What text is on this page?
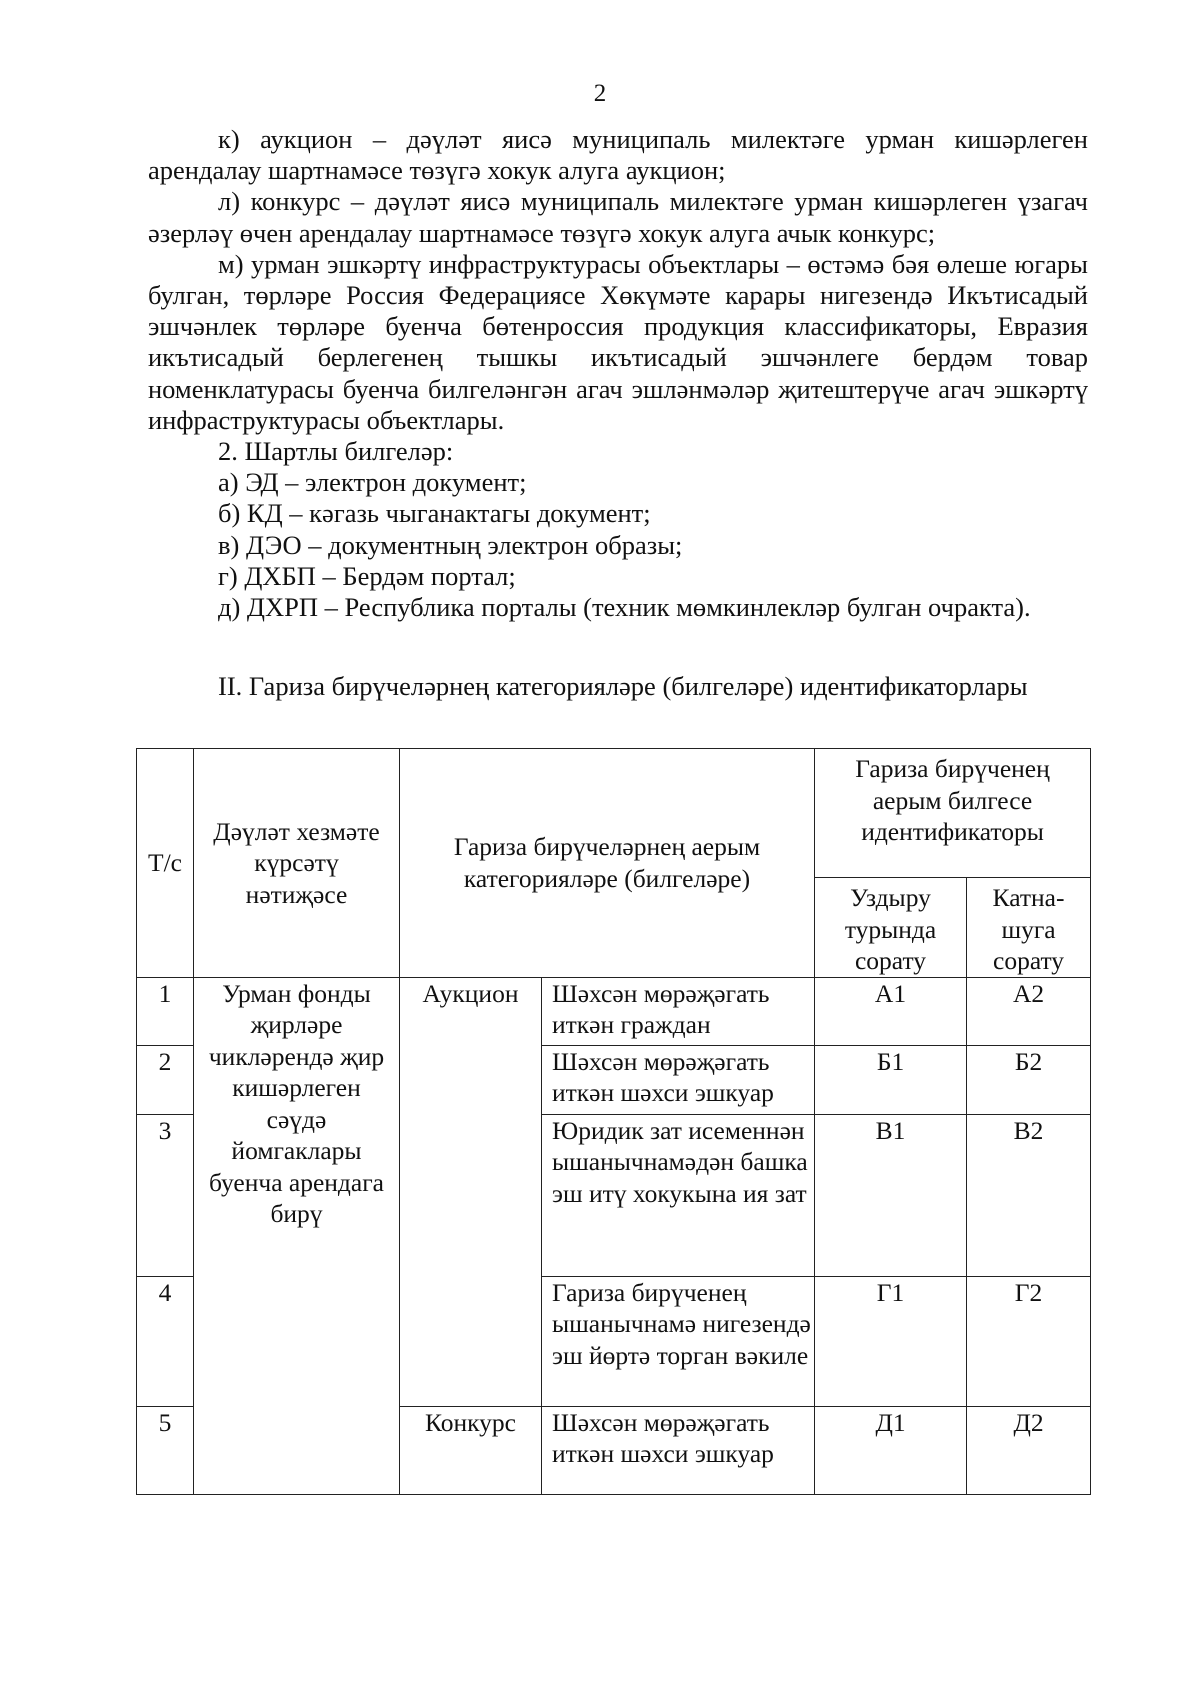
2

к) аукцион – дәүләт яисә муниципаль милектәге урман кишәрлеген арендалау шартнамәсе төзүгә хокук алуга аукцион;

л) конкурс – дәүләт яисә муниципаль милектәге урман кишәрлеген үзагач әзерләү өчен арендалау шартнамәсе төзүгә хокук алуга ачык конкурс;

м) урман эшкәртү инфраструктурасы объектлары – өстәмә бәя өлеше югары булган, төрләре Россия Федерациясе Хөкүмәте карары нигезендә Икътисадый эшчәнлек төрләре буенча бөтенроссия продукция классификаторы, Евразия икътисадый берлегенең тышкы икътисадый эшчәнлеге бердәм товар номенклатурасы буенча билгеләнгән агач эшләнмәләр җитештерүче агач эшкәртү инфраструктурасы объектлары.

2. Шартлы билгеләр:

а) ЭД – электрон документ;

б) КД – кәгазь чыганактагы документ;

в) ДЭО – документның электрон образы;

г) ДХБП – Бердәм портал;

д) ДХРП – Республика порталы (техник мөмкинлекләр булган очракта).

II. Гариза бирүчеләрнең категорияләре (билгеләре) идентификаторлары
Т/с	Дәүләт хезмәте күрсәтү нәтиҗәсе	Гариза бирүчеләрнең аерым категорияләре (билгеләре)		Гариза бирүченең аерым билгесе идентификаторы	
				Уздыру турында сорату	Катна-шуга сорату
1	Урман фонды җирләре чикләрендә җир кишәрлеген сәүдә йомгаклары буенча арендага бирү	Аукцион	Шәхсән мөрәҗәгать иткән граждан	А1	А2
2			Шәхсән мөрәҗәгать иткән шәхси эшкуар	Б1	Б2
3			Юридик зат исеменнән ышанычнамәдән башка эш итү хокукына ия зат	В1	В2
4			Гариза бирүченең ышанычнамә нигезендә эш йөртә торган вәкиле	Г1	Г2
5		Конкурс	Шәхсән мөрәҗәгать иткән шәхси эшкуар	Д1	Д2
